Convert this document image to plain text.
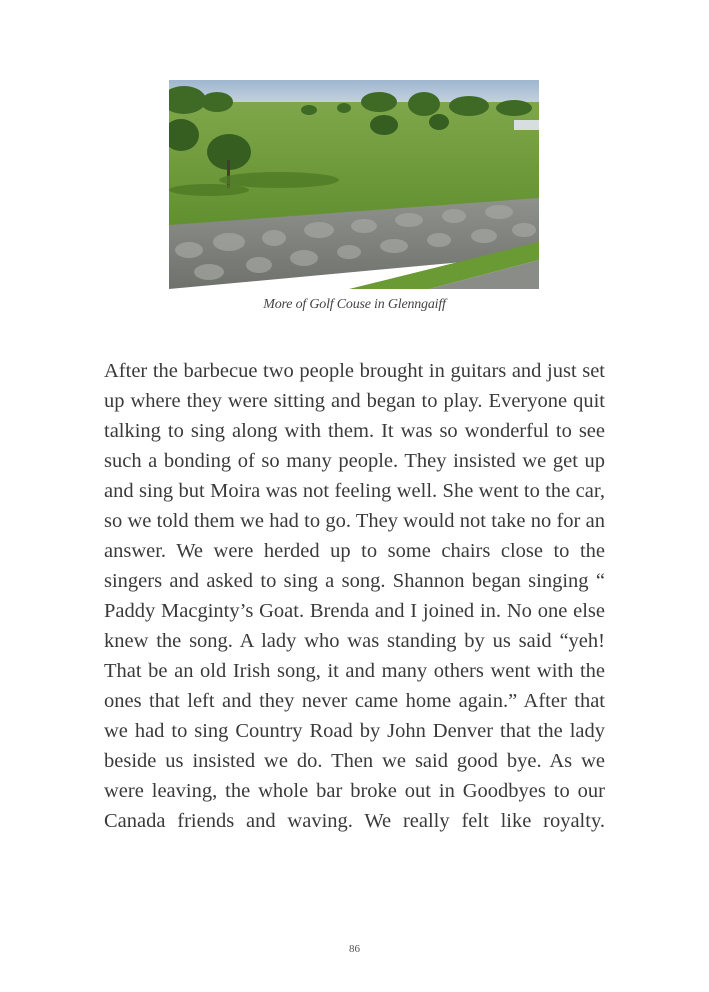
More of Golf Couse in Glenngaiff

After the barbecue two people brought in guitars and just set up where they were sitting and began to play. Everyone quit talking to sing along with them. It was so wonderful to see such a bonding of so many people. They insisted we get up and sing but Moira was not feeling well. She went to the car, so we told them we had to go. They would not take no for an answer. We were herded up to some chairs close to the singers and asked to sing a song. Shannon began singing “ Paddy Macginty’s Goat. Brenda and I joined in. No one else knew the song. A lady who was standing by us said “yeh! That be an old Irish song, it and many others went with the ones that left and they never came home again.” After that we had to sing Country Road by John Denver that the lady beside us insisted we do. Then we said good bye. As we were leaving, the whole bar broke out in Goodbyes to our Canada friends and waving. We really felt like royalty.

86
